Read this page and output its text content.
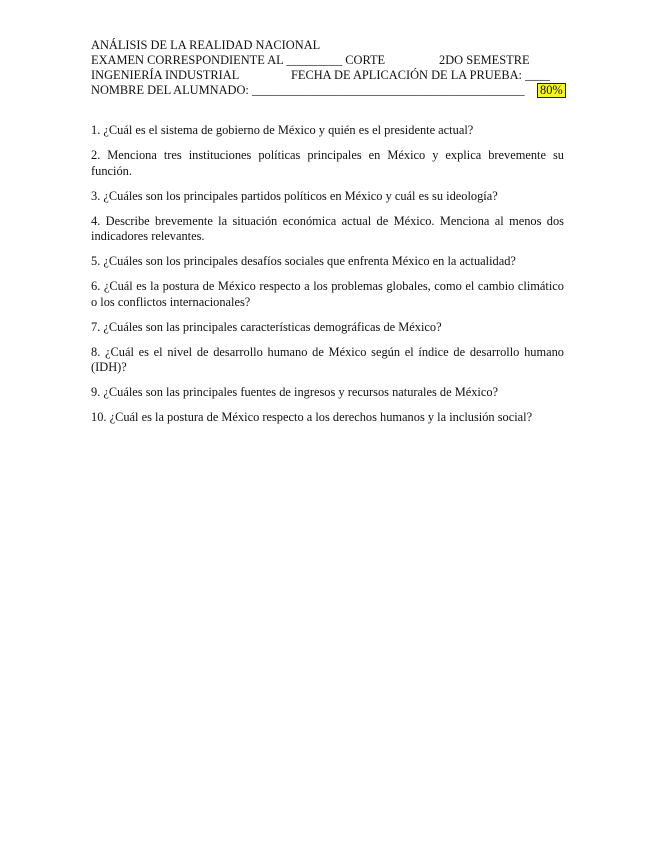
ANÁLISIS DE LA REALIDAD NACIONAL
EXAMEN CORRESPONDIENTE AL _________ CORTE	2DO SEMESTRE
INGENIERÍA INDUSTRIAL	FECHA DE APLICACIÓN DE LA PRUEBA: ____
NOMBRE DEL ALUMNADO: ____________________________________________ 80%

1. ¿Cuál es el sistema de gobierno de México y quién es el presidente actual?

2. Menciona tres instituciones políticas principales en México y explica brevemente su función.

3. ¿Cuáles son los principales partidos políticos en México y cuál es su ideología?

4. Describe brevemente la situación económica actual de México. Menciona al menos dos indicadores relevantes.

5. ¿Cuáles son los principales desafíos sociales que enfrenta México en la actualidad?

6. ¿Cuál es la postura de México respecto a los problemas globales, como el cambio climático o los conflictos internacionales?

7. ¿Cuáles son las principales características demográficas de México?

8. ¿Cuál es el nivel de desarrollo humano de México según el índice de desarrollo humano (IDH)?

9. ¿Cuáles son las principales fuentes de ingresos y recursos naturales de México?

10. ¿Cuál es la postura de México respecto a los derechos humanos y la inclusión social?
